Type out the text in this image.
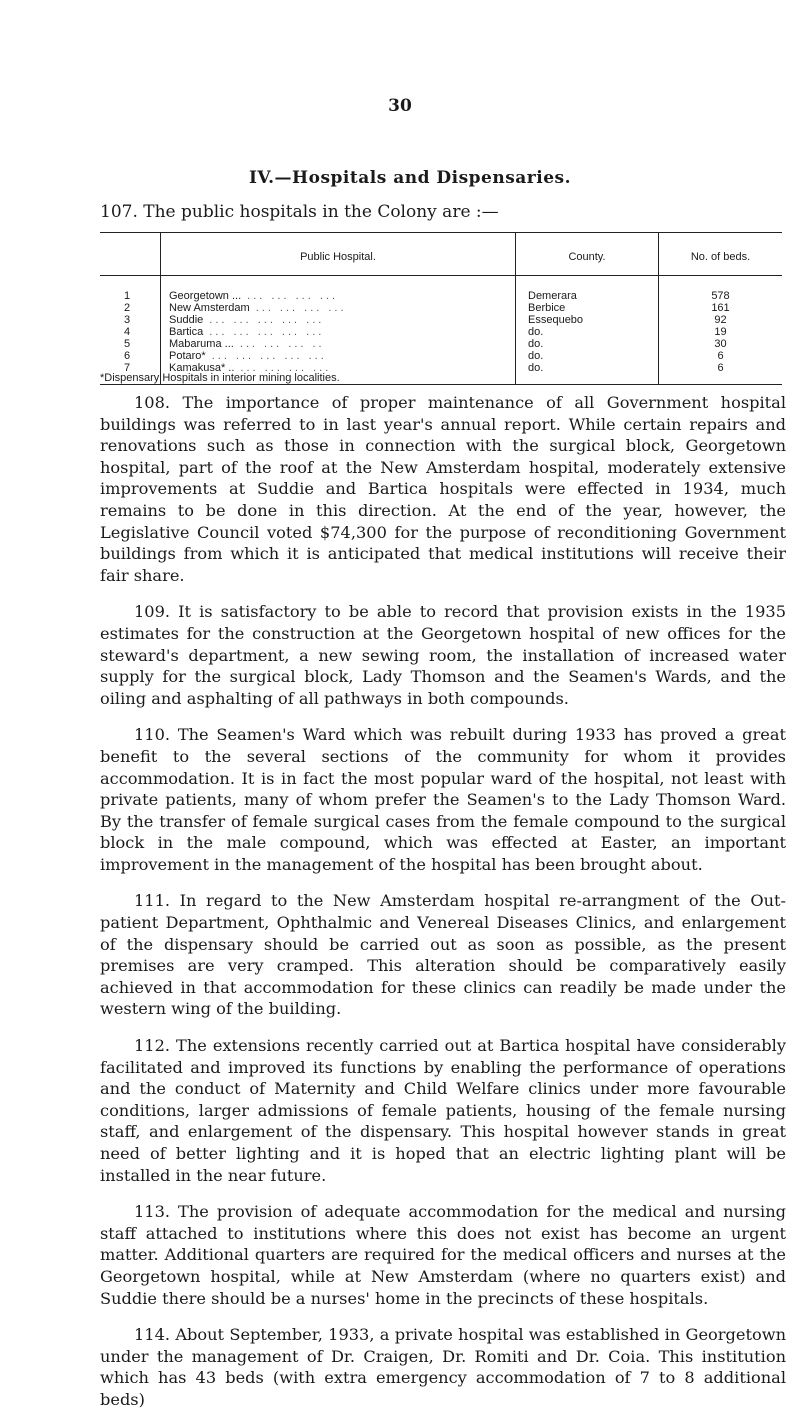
30
IV.—Hospitals and Dispensaries.
107. The public hospitals in the Colony are :—
	Public Hospital.	County.	No. of beds.
1	Georgetown ... ... ... ... ...	Demerara	578
2	New Amsterdam ... ... ... ...	Berbice	161
3	Suddie ... ... ... ... ...	Essequebo	92
4	Bartica ... ... ... ... ...	do.	19
5	Mabaruma ... ... ... ... ..	do.	30
6	Potaro* ... ... ... ... ...	do.	6
7	Kamakusa* .. ... ... ... ...	do.	6
*Dispensary Hospitals in interior mining localities.

108. The importance of proper maintenance of all Government hospital buildings was referred to in last year's annual report. While certain repairs and renovations such as those in connection with the surgical block, Georgetown hospital, part of the roof at the New Amsterdam hospital, moderately extensive improvements at Suddie and Bartica hospitals were effected in 1934, much remains to be done in this direction. At the end of the year, however, the Legislative Council voted $74,300 for the purpose of reconditioning Government buildings from which it is anticipated that medical institutions will receive their fair share.

109. It is satisfactory to be able to record that provision exists in the 1935 estimates for the construction at the Georgetown hospital of new offices for the steward's department, a new sewing room, the installation of increased water supply for the surgical block, Lady Thomson and the Seamen's Wards, and the oiling and asphalting of all pathways in both compounds.

110. The Seamen's Ward which was rebuilt during 1933 has proved a great benefit to the several sections of the community for whom it provides accommodation. It is in fact the most popular ward of the hospital, not least with private patients, many of whom prefer the Seamen's to the Lady Thomson Ward. By the transfer of female surgical cases from the female compound to the surgical block in the male compound, which was effected at Easter, an important improvement in the management of the hospital has been brought about.

111. In regard to the New Amsterdam hospital re-arrangment of the Out-patient Department, Ophthalmic and Venereal Diseases Clinics, and enlargement of the dispensary should be carried out as soon as possible, as the present premises are very cramped. This alteration should be comparatively easily achieved in that accommodation for these clinics can readily be made under the western wing of the building.

112. The extensions recently carried out at Bartica hospital have considerably facilitated and improved its functions by enabling the performance of operations and the conduct of Maternity and Child Welfare clinics under more favourable conditions, larger admissions of female patients, housing of the female nursing staff, and enlargement of the dispensary. This hospital however stands in great need of better lighting and it is hoped that an electric lighting plant will be installed in the near future.

113. The provision of adequate accommodation for the medical and nursing staff attached to institutions where this does not exist has become an urgent matter. Additional quarters are required for the medical officers and nurses at the Georgetown hospital, while at New Amsterdam (where no quarters exist) and Suddie there should be a nurses' home in the precincts of these hospitals.

114. About September, 1933, a private hospital was established in Georgetown under the management of Dr. Craigen, Dr. Romiti and Dr. Coia. This institution which has 43 beds (with extra emergency accommodation of 7 to 8 additional beds)
